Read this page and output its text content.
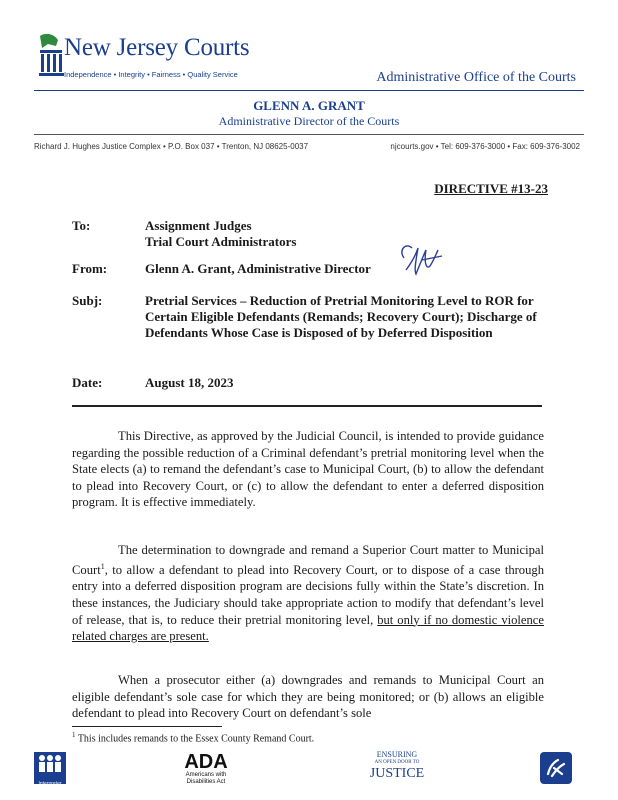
New Jersey Courts
Independence • Integrity • Fairness • Quality Service	Administrative Office of the Courts
GLENN A. GRANT
Administrative Director of the Courts
Richard J. Hughes Justice Complex • P.O. Box 037 • Trenton, NJ 08625-0037	njcourts.gov • Tel: 609-376-3000 • Fax: 609-376-3002
DIRECTIVE #13-23
To:	Assignment Judges
Trial Court Administrators
From:	Glenn A. Grant, Administrative Director
Subj:	Pretrial Services – Reduction of Pretrial Monitoring Level to ROR for Certain Eligible Defendants (Remands; Recovery Court); Discharge of Defendants Whose Case is Disposed of by Deferred Disposition
Date:	August 18, 2023
This Directive, as approved by the Judicial Council, is intended to provide guidance regarding the possible reduction of a Criminal defendant’s pretrial monitoring level when the State elects (a) to remand the defendant’s case to Municipal Court, (b) to allow the defendant to plead into Recovery Court, or (c) to allow the defendant to enter a deferred disposition program. It is effective immediately.
The determination to downgrade and remand a Superior Court matter to Municipal Court$^1$, to allow a defendant to plead into Recovery Court, or to dispose of a case through entry into a deferred disposition program are decisions fully within the State’s discretion. In these instances, the Judiciary should take appropriate action to modify that defendant’s level of release, that is, to reduce their pretrial monitoring level, but only if no domestic violence related charges are present.
When a prosecutor either (a) downgrades and remands to Municipal Court an eligible defendant’s sole case for which they are being monitored; or (b) allows an eligible defendant to plead into Recovery Court on defendant’s sole
$^1$ This includes remands to the Essex County Remand Court.
Interpreter
ADA
Americans with
Disabilities Act
ENSURING
AN OPEN DOOR TO
JUSTICE
